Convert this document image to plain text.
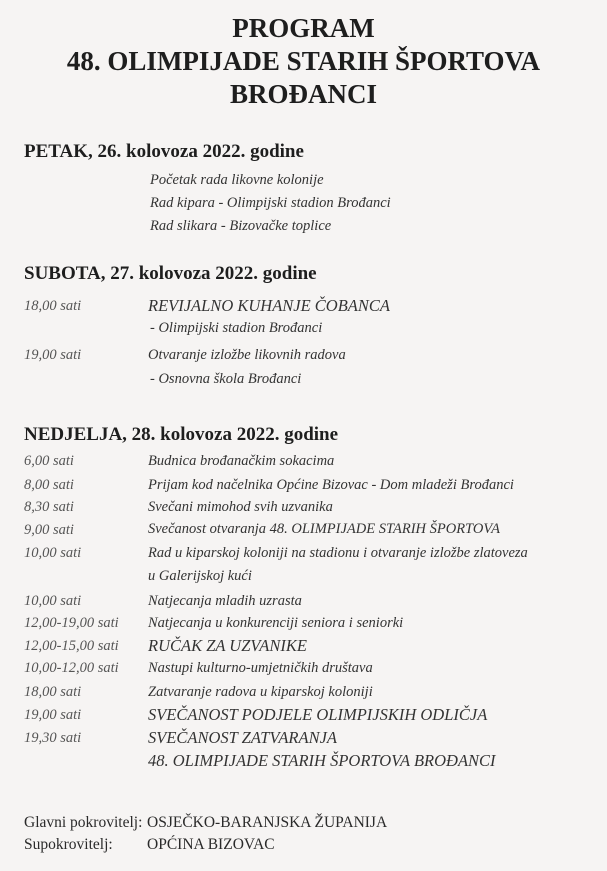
PROGRAM
48. OLIMPIJADE STARIH ŠPORTOVA
BROĐANCI
PETAK, 26. kolovoza 2022. godine
Početak rada likovne kolonije
Rad kipara - Olimpijski stadion Brođanci
Rad slikara - Bizovačke toplice
SUBOTA, 27. kolovoza 2022. godine
18,00 sati	REVIJALNO KUHANJE ČOBANCA
- Olimpijski stadion Brođanci
19,00 sati	Otvaranje izložbe likovnih radova
- Osnovna škola Brođanci
NEDJELJA, 28. kolovoza 2022. godine
6,00 sati	Budnica brođanačkim sokacima
8,00 sati	Prijam kod načelnika Općine Bizovac - Dom mladeži Brođanci
8,30 sati	Svečani mimohod svih uzvanika
9,00 sati	Svečanost otvaranja 48. OLIMPIJADE STARIH ŠPORTOVA
10,00 sati	Rad u kiparskoj koloniji na stadionu i otvaranje izložbe zlatoveza
u Galerijskoj kući
10,00 sati	Natjecanja mladih uzrasta
12,00-19,00 sati Natjecanja u konkurenciji seniora i seniorki
12,00-15,00 sati RUČAK ZA UZVANIKE
10,00-12,00 sati Nastupi kulturno-umjetničkih društava
18,00 sati	Zatvaranje radova u kiparskoj koloniji
19,00 sati	SVEČANOST PODJELE OLIMPIJSKIH ODLIČJA
19,30 sati	SVEČANOST ZATVARANJA
48. OLIMPIJADE STARIH ŠPORTOVA BROĐANCI
Glavni pokrovitelj: OSJEČKO-BARANJSKA ŽUPANIJA
Supokrovitelj: OPĆINA BIZOVAC
